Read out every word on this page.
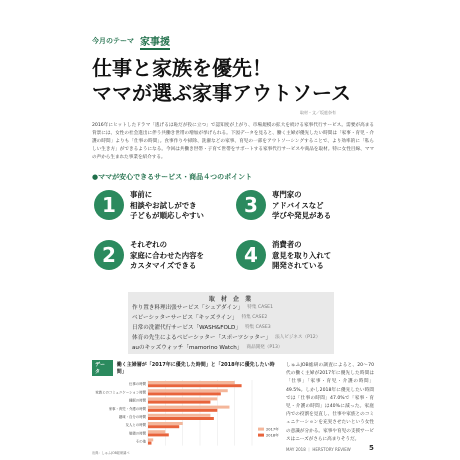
今月のテーマ 家事援
仕事と家族を優先！
ママが選ぶ家事アウトソース
取材・文／坂庭奈有
2016年にヒットしたドラマ「逃げるは恥だが役に立つ」で認知度が上がり、市場規模の拡大を続ける家事代行サービス。需要が高まる背景には、女性の社会進出に伴う共働き世帯の増加が挙げられる。下図データを見ると、働く主婦が優先したい時間は「家事・育児・介護の時間」よりも「仕事の時間」。食事作りや掃除、洗濯などの家事、育児の一部をアウトソーシングすることで、より効率的に「私らしい生き方」ができるようになる。今回は共働き世帯・子育て世帯をサポートする家事代行サービスや商品を取材。特に女性目線、ママの声から生まれた事業を紹介する。
●ママが安心できるサービス・商品４つのポイント
1	事前に
相談やお試しができ
子どもが順応しやすい	3	専門家の
アドバイスなど
学びや発見がある
2	それぞれの
家庭に合わせた内容を
カスタマイズできる	4	消費者の
意見を取り入れて
開発されている
取 材 企 業
作り置き料理出張サービス「シェアダイン」 特集 CASE1
ベビーシッターサービス「キッズライン」 特集 CASE2
日常の洗濯代行サービス「WASH&FOLD」 特集 CASE3
体育の先生によるベビーシッター「スポーツシッター」 法人ビジネス（P12）
auのキッズウォッチ「mamorino Watch」 商品開発（P13）
データ
働く主婦層が「2017年に優先した時間」と「2018年に優先したい時間」
仕事の時間
家族とのコミュニケーション時間
睡眠の時間
家事・育児・介護の時間
趣味・自分の時間
友人との時間
勉強の時間
その他
2017年
2018年
出典：しゅふJOB総研調べ
しゅふJOB総研の調査によると、20〜70代の働く主婦が2017年に優先した時間は「仕事」「家事・育児・介護の時間」49.5%。しかし2018年に優先したい時間では「仕事の時間」47.0%で「家事・育児・介護の時間」は40%に減った。家庭内での役割を見直し、仕事や家族とのコミュニケーションを充実させたいという女性の意識が分かる。家事や育児の支援サービスはニーズがさらに高まりそうだ。
MAY 2018 ｜ HERSTORY REVIEW	5
